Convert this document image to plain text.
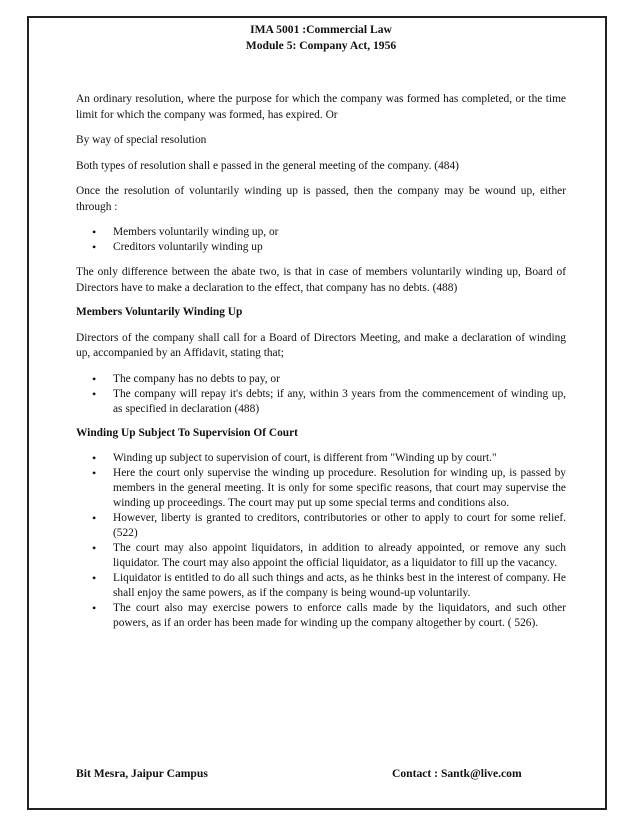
IMA 5001 :Commercial Law
Module 5: Company Act, 1956

An ordinary resolution, where the purpose for which the company was formed has completed, or the time limit for which the company was formed, has expired. Or

By way of special resolution

Both types of resolution shall e passed in the general meeting of the company. (484)

Once the resolution of voluntarily winding up is passed, then the company may be wound up, either through :

• Members voluntarily winding up, or
• Creditors voluntarily winding up

The only difference between the abate two, is that in case of members voluntarily winding up, Board of Directors have to make a declaration to the effect, that company has no debts. (488)

Members Voluntarily Winding Up

Directors of the company shall call for a Board of Directors Meeting, and make a declaration of winding up, accompanied by an Affidavit, stating that;

• The company has no debts to pay, or
• The company will repay it's debts; if any, within 3 years from the commencement of winding up, as specified in declaration (488)

Winding Up Subject To Supervision Of Court

• Winding up subject to supervision of court, is different from "Winding up by court."
• Here the court only supervise the winding up procedure. Resolution for winding up, is passed by members in the general meeting. It is only for some specific reasons, that court may supervise the winding up proceedings. The court may put up some special terms and conditions also.
• However, liberty is granted to creditors, contributories or other to apply to court for some relief. (522)
• The court may also appoint liquidators, in addition to already appointed, or remove any such liquidator. The court may also appoint the official liquidator, as a liquidator to fill up the vacancy.
• Liquidator is entitled to do all such things and acts, as he thinks best in the interest of company. He shall enjoy the same powers, as if the company is being wound-up voluntarily.
• The court also may exercise powers to enforce calls made by the liquidators, and such other powers, as if an order has been made for winding up the company altogether by court. ( 526).
Bit Mesra, Jaipur Campus	Contact : Santk@live.com
